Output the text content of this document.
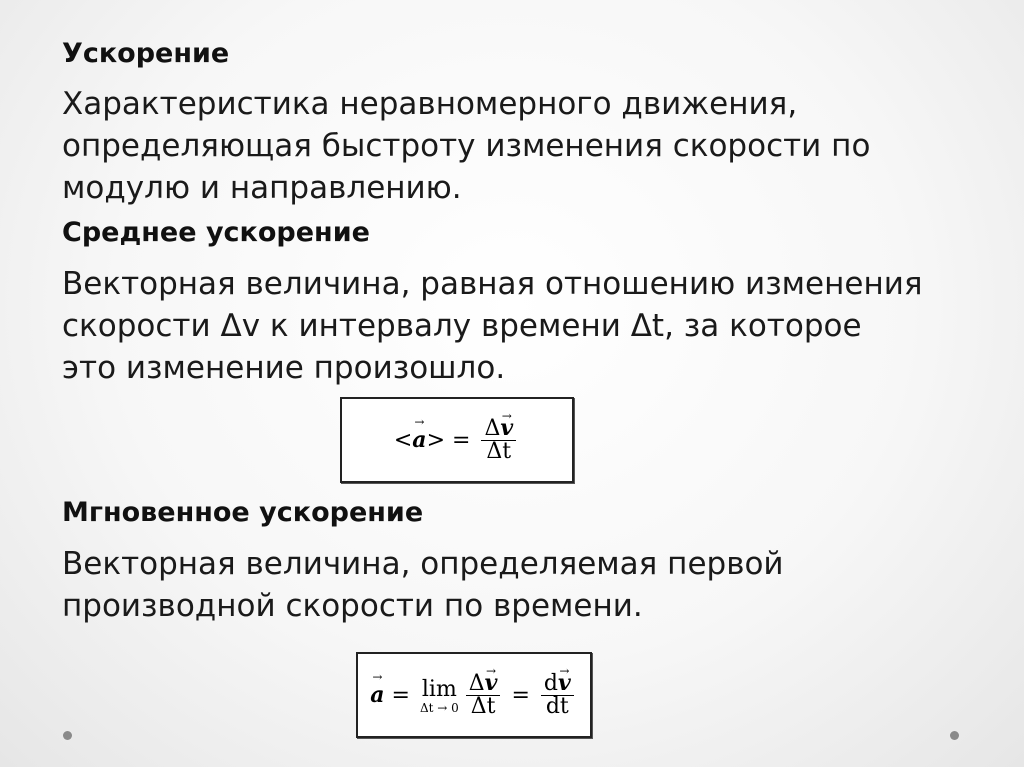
Ускорение

Характеристика неравномерного движения,
определяющая быстроту изменения скорости по
модулю и направлению.

Среднее ускорение

Векторная величина, равная отношению изменения
скорости Δv к интервалу времени Δt, за которое
это изменение произошло.

<→ $a> = \frac{\Delta\to v}{\Delta t}$
Мгновенное ускорение

Векторная величина, определяемая первой
производной скорости по времени.

→ a = lim
$\Delta t \to 0 \frac{\Delta\to v}{\Delta t} = \frac{d\to v}{dt}$
